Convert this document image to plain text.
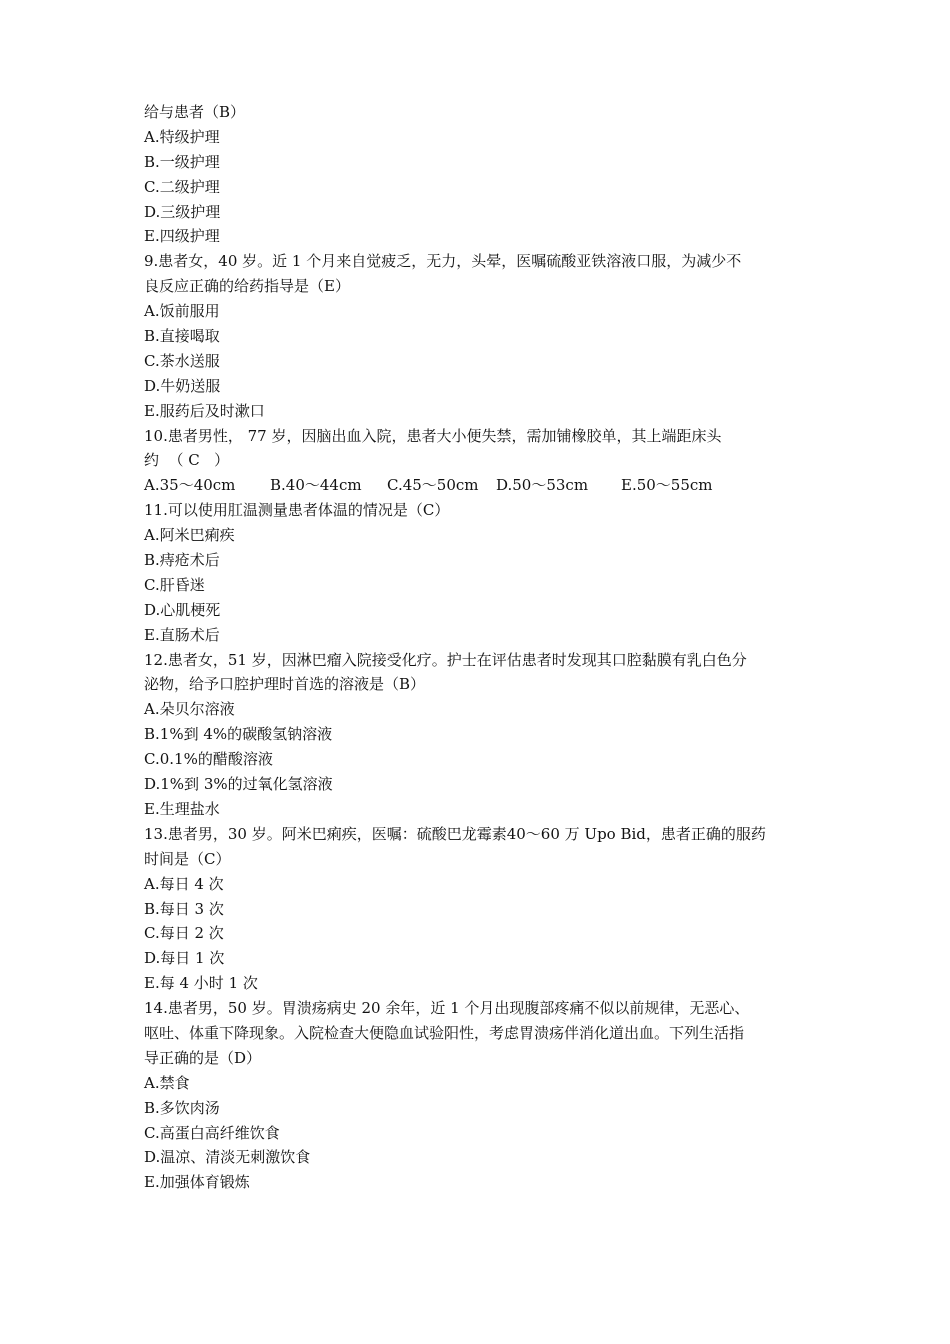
给与患者（B）
A.特级护理
B.一级护理
C.二级护理
D.三级护理
E.四级护理
9.患者女，40 岁。近 1 个月来自觉疲乏，无力，头晕，医嘱硫酸亚铁溶液口服，为减少不
良反应正确的给药指导是（E）
A.饭前服用
B.直接喝取
C.茶水送服
D.牛奶送服
E.服药后及时漱口
10.患者男性， 77 岁，因脑出血入院，患者大小便失禁，需加铺橡胶单，其上端距床头
约  （ C   ）
A.35～40cm	B.40～44cm	C.45～50cm	D.50～53cm	E.50～55cm
11.可以使用肛温测量患者体温的情况是（C）
A.阿米巴痢疾
B.痔疮术后
C.肝昏迷
D.心肌梗死
E.直肠术后
12.患者女，51 岁，因淋巴瘤入院接受化疗。护士在评估患者时发现其口腔黏膜有乳白色分
泌物，给予口腔护理时首选的溶液是（B）
A.朵贝尔溶液
B.1%到 4%的碳酸氢钠溶液
C.0.1%的醋酸溶液
D.1%到 3%的过氧化氢溶液
E.生理盐水
13.患者男，30 岁。阿米巴痢疾，医嘱：硫酸巴龙霉素40～60 万 Upo Bid，患者正确的服药
时间是（C）
A.每日 4 次
B.每日 3 次
C.每日 2 次
D.每日 1 次
E.每 4 小时 1 次
14.患者男，50 岁。胃溃疡病史 20 余年，近 1 个月出现腹部疼痛不似以前规律，无恶心、
呕吐、体重下降现象。入院检查大便隐血试验阳性，考虑胃溃疡伴消化道出血。下列生活指
导正确的是（D）
A.禁食
B.多饮肉汤
C.高蛋白高纤维饮食
D.温凉、清淡无刺激饮食
E.加强体育锻炼
